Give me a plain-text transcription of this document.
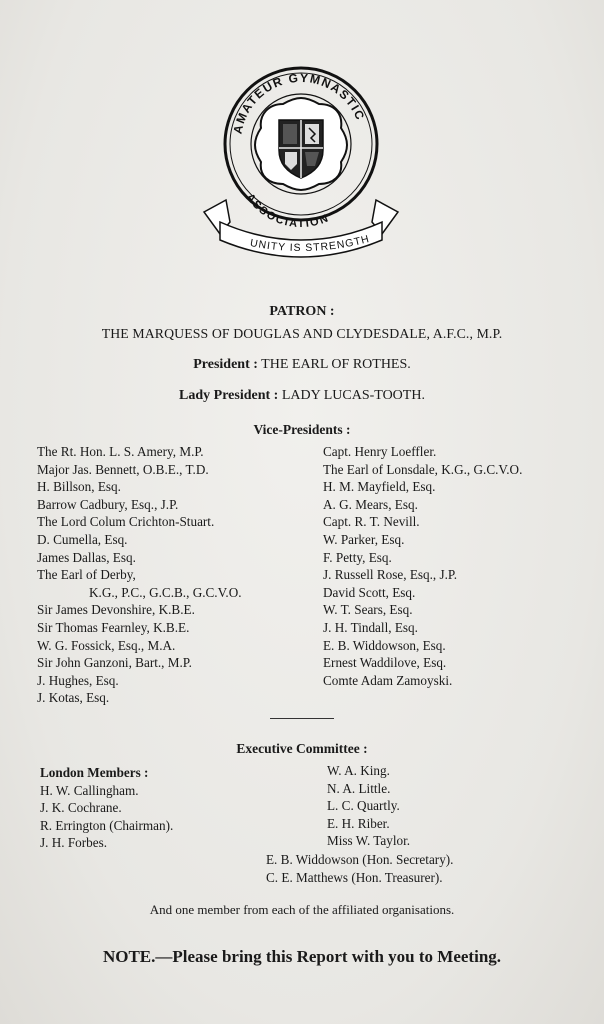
AMATEUR GYMNASTIC
ASSOCIATION
UNITY IS STRENGTH
PATRON :
THE MARQUESS OF DOUGLAS AND CLYDESDALE, A.F.C., M.P.
President : THE EARL OF ROTHES.
Lady President : LADY LUCAS-TOOTH.
Vice-Presidents :
The Rt. Hon. L. S. Amery, M.P.
Major Jas. Bennett, O.B.E., T.D.
H. Billson, Esq.
Barrow Cadbury, Esq., J.P.
The Lord Colum Crichton-Stuart.
D. Cumella, Esq.
James Dallas, Esq.
The Earl of Derby,
K.G., P.C., G.C.B., G.C.V.O.
Sir James Devonshire, K.B.E.
Sir Thomas Fearnley, K.B.E.
W. G. Fossick, Esq., M.A.
Sir John Ganzoni, Bart., M.P.
J. Hughes, Esq.
J. Kotas, Esq.
Capt. Henry Loeffler.
The Earl of Lonsdale, K.G., G.C.V.O.
H. M. Mayfield, Esq.
A. G. Mears, Esq.
Capt. R. T. Nevill.
W. Parker, Esq.
F. Petty, Esq.
J. Russell Rose, Esq., J.P.
David Scott, Esq.
W. T. Sears, Esq.
J. H. Tindall, Esq.
E. B. Widdowson, Esq.
Ernest Waddilove, Esq.
Comte Adam Zamoyski.
Executive Committee :
London Members :
H. W. Callingham.
J. K. Cochrane.
R. Errington (Chairman).
J. H. Forbes.
W. A. King.
N. A. Little.
L. C. Quartly.
E. H. Riber.
Miss W. Taylor.
E. B. Widdowson (Hon. Secretary).
C. E. Matthews (Hon. Treasurer).
And one member from each of the affiliated organisations.
NOTE.—Please bring this Report with you to Meeting.
